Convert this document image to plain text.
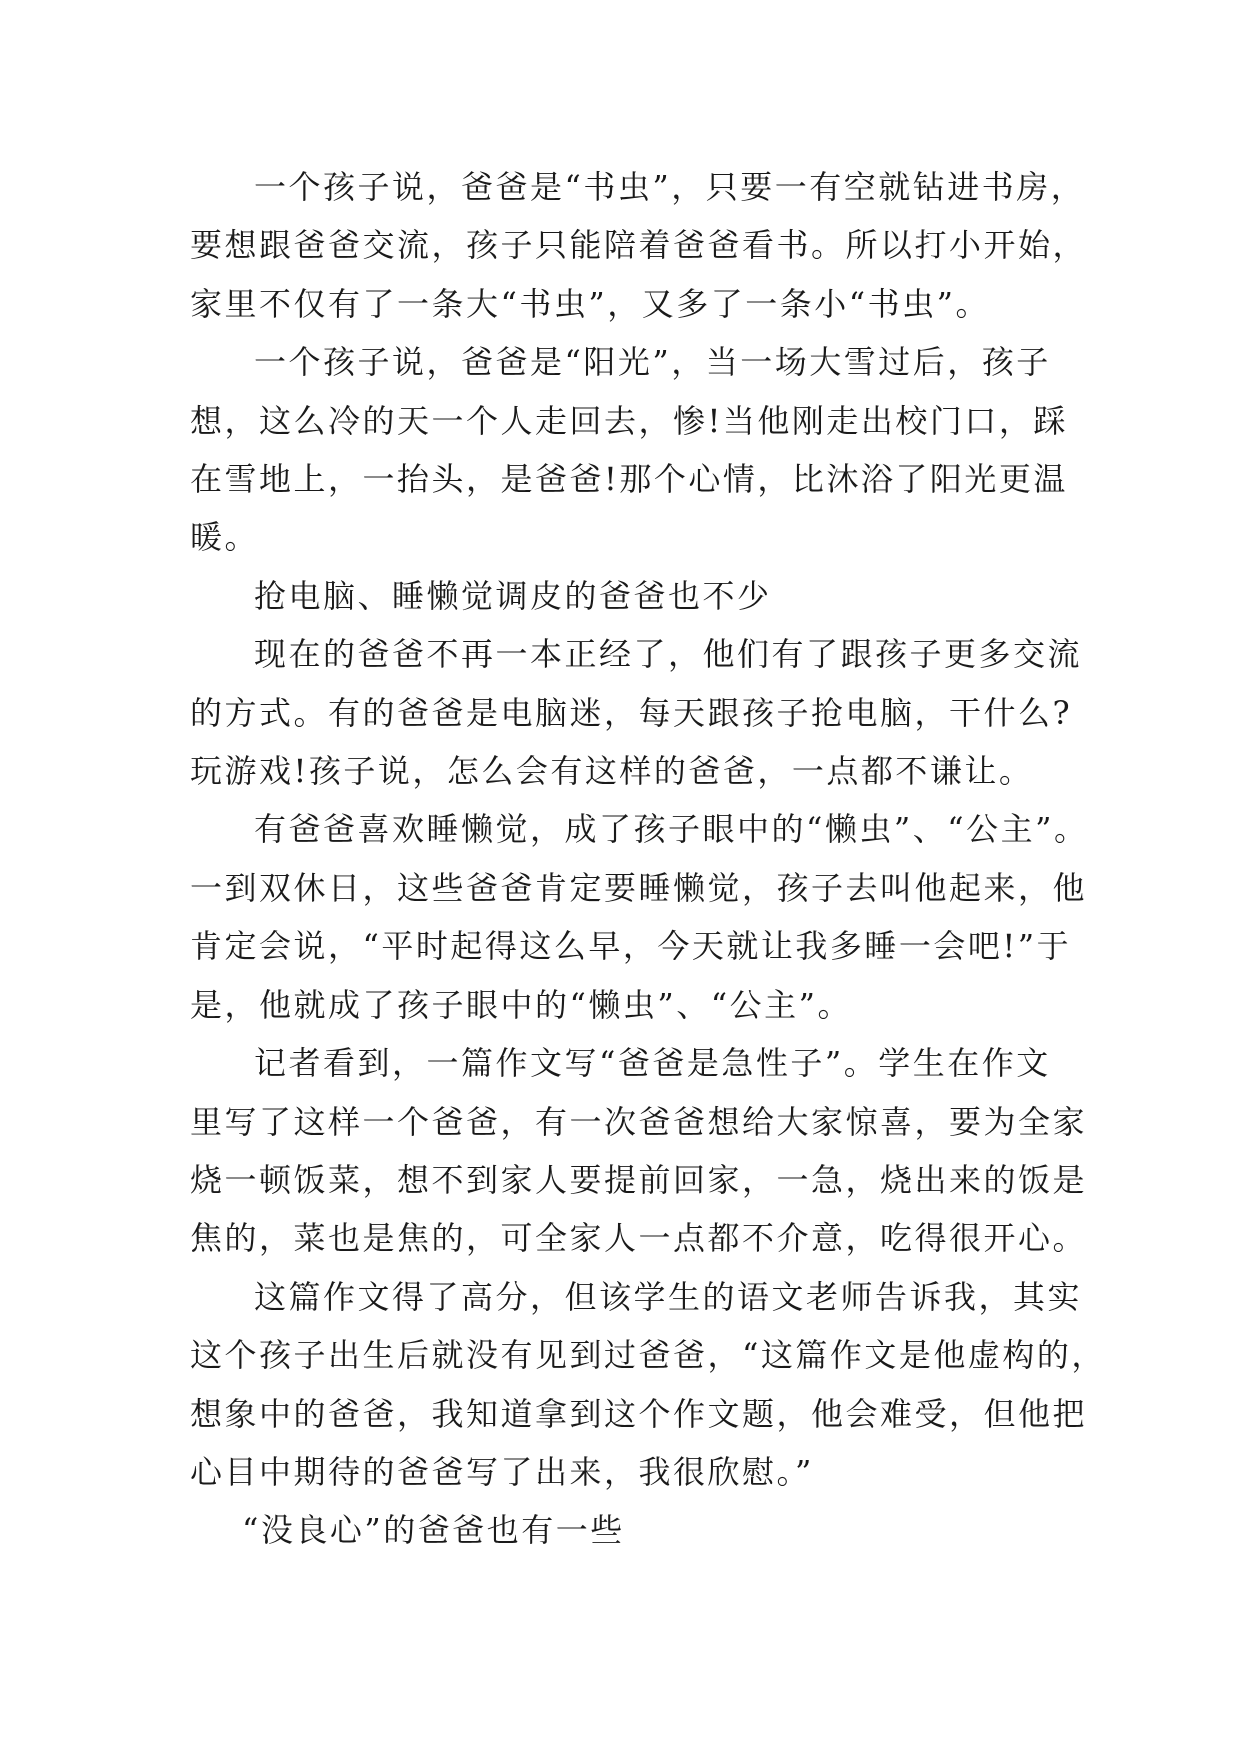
一个孩子说，爸爸是“书虫”，只要一有空就钻进书房，
要想跟爸爸交流，孩子只能陪着爸爸看书。所以打小开始，
家里不仅有了一条大“书虫”，又多了一条小“书虫”。
一个孩子说，爸爸是“阳光”，当一场大雪过后，孩子
想，这么冷的天一个人走回去，惨!当他刚走出校门口，踩
在雪地上，一抬头，是爸爸!那个心情，比沐浴了阳光更温
暖。
抢电脑、睡懒觉调皮的爸爸也不少
现在的爸爸不再一本正经了，他们有了跟孩子更多交流
的方式。有的爸爸是电脑迷，每天跟孩子抢电脑，干什么?
玩游戏!孩子说，怎么会有这样的爸爸，一点都不谦让。
有爸爸喜欢睡懒觉，成了孩子眼中的“懒虫”、“公主”。
一到双休日，这些爸爸肯定要睡懒觉，孩子去叫他起来，他
肯定会说，“平时起得这么早，今天就让我多睡一会吧!”于
是，他就成了孩子眼中的“懒虫”、“公主”。
记者看到，一篇作文写“爸爸是急性子”。学生在作文
里写了这样一个爸爸，有一次爸爸想给大家惊喜，要为全家
烧一顿饭菜，想不到家人要提前回家，一急，烧出来的饭是
焦的，菜也是焦的，可全家人一点都不介意，吃得很开心。
这篇作文得了高分，但该学生的语文老师告诉我，其实
这个孩子出生后就没有见到过爸爸，“这篇作文是他虚构的，
想象中的爸爸，我知道拿到这个作文题，他会难受，但他把
心目中期待的爸爸写了出来，我很欣慰。”
“没良心”的爸爸也有一些
